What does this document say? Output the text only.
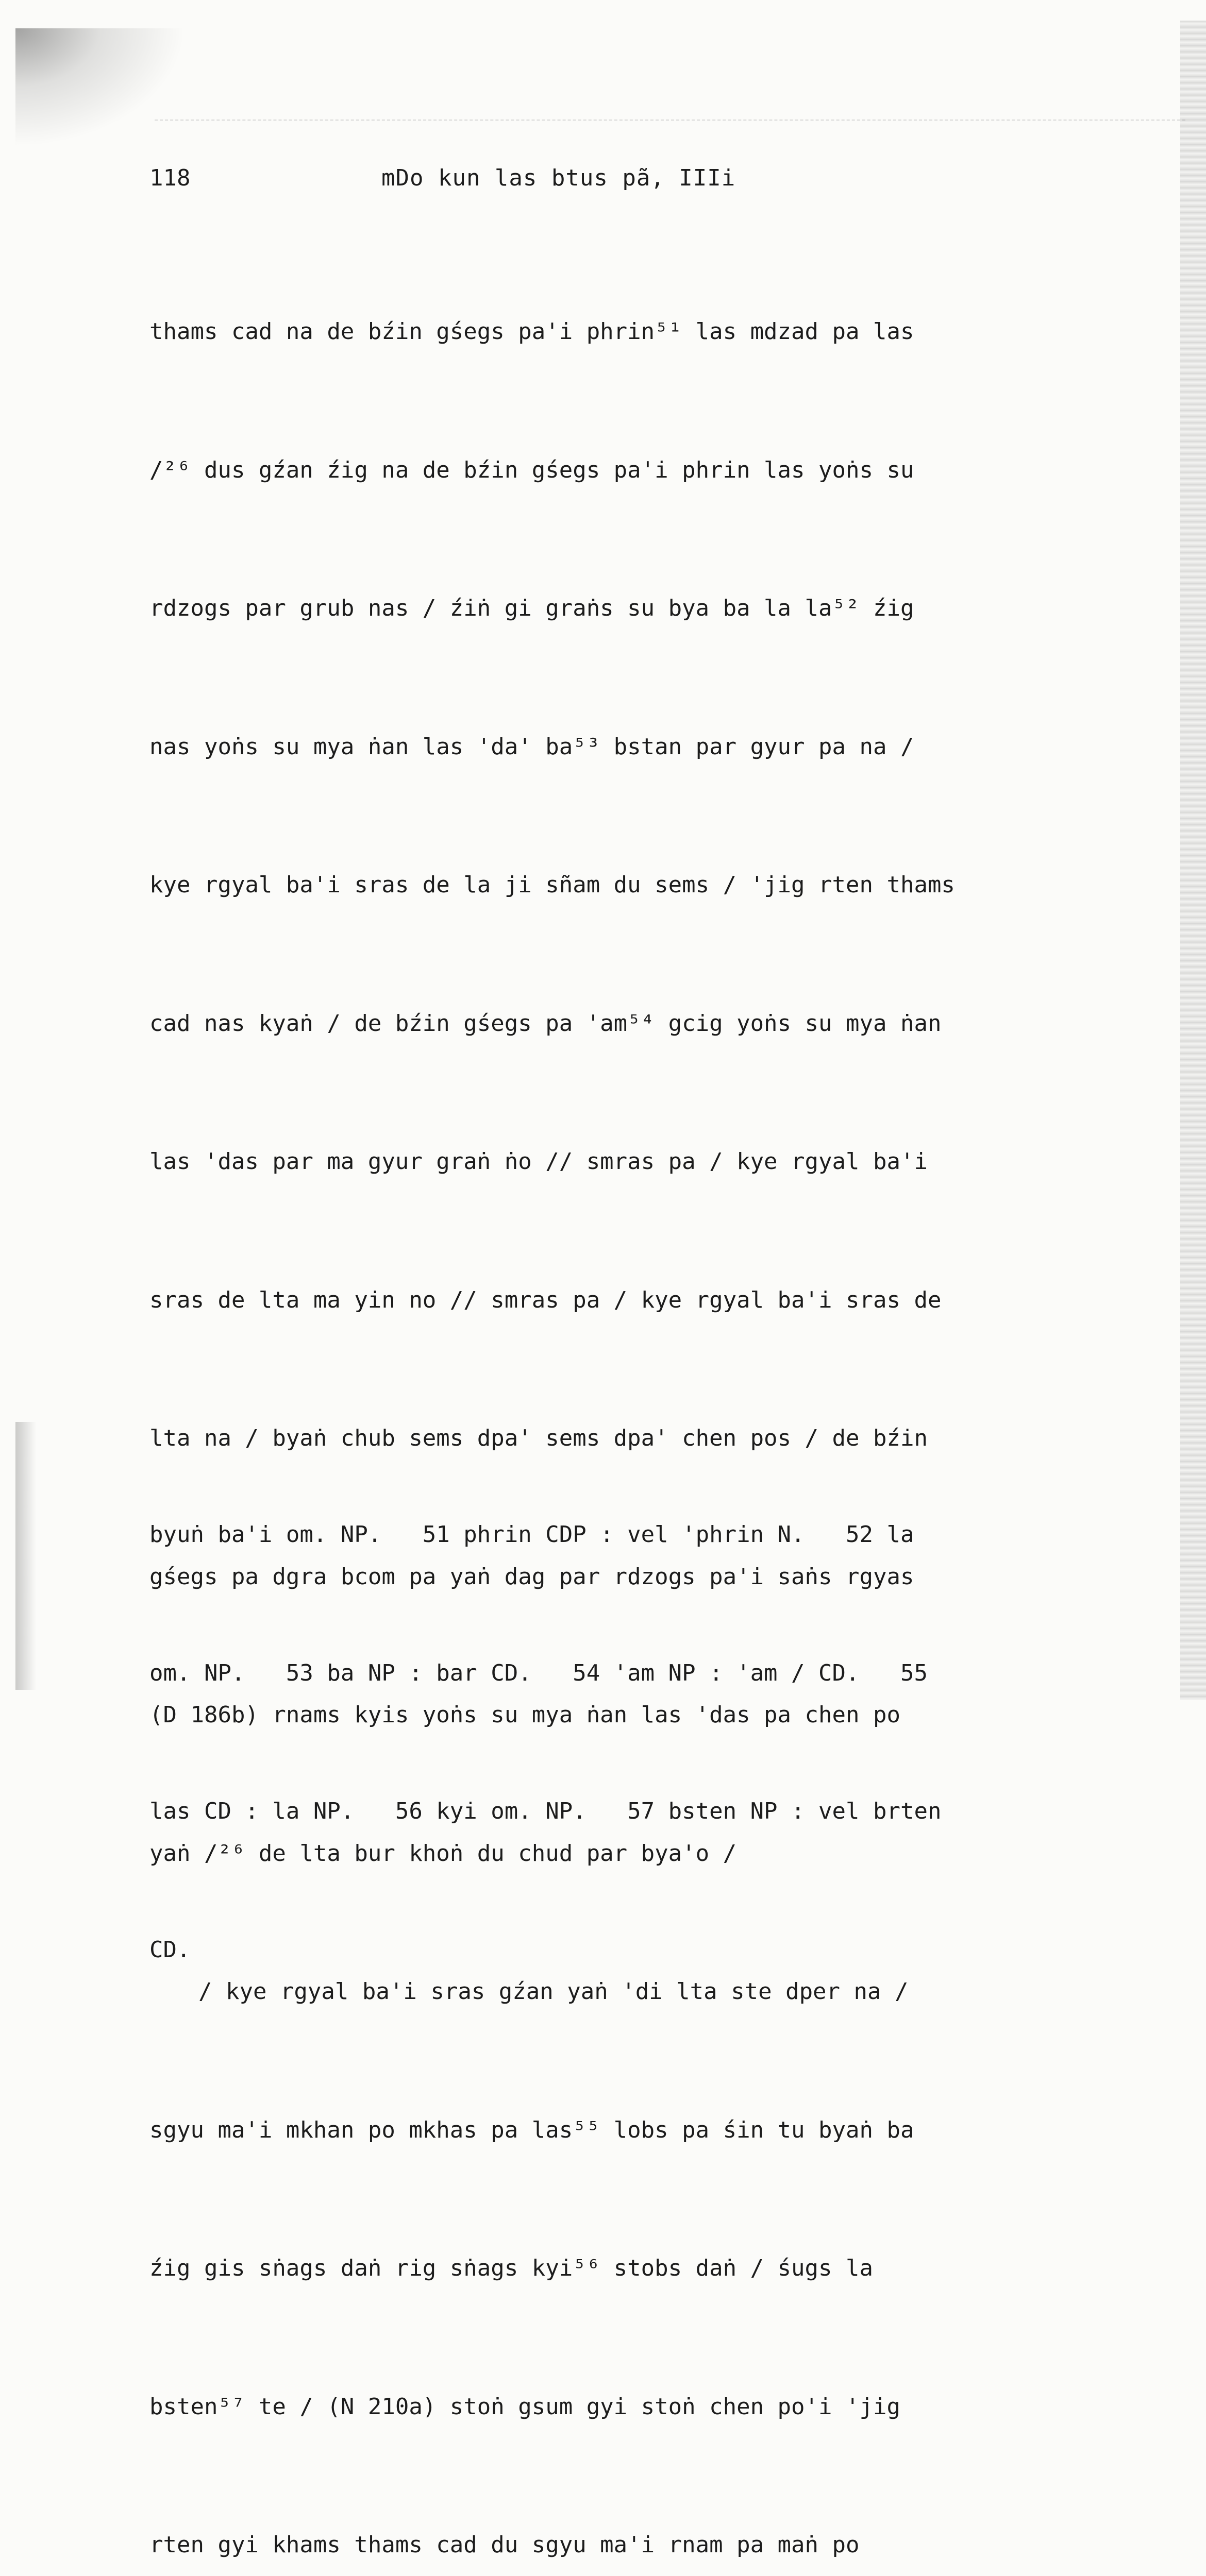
118	mDo kun las btus pã, IIIi

thams cad na de bźin gśegs pa'i phrin⁵¹ las mdzad pa las

/²⁶ dus gźan źig na de bźin gśegs pa'i phrin las yoṅs su

rdzogs par grub nas / źiṅ gi graṅs su bya ba la la⁵² źig

nas yoṅs su mya ṅan las 'da' ba⁵³ bstan par gyur pa na /

kye rgyal ba'i sras de la ji sñam du sems / 'jig rten thams

cad nas kyaṅ / de bźin gśegs pa 'am⁵⁴ gcig yoṅs su mya ṅan

las 'das par ma gyur graṅ ṅo // smras pa / kye rgyal ba'i

sras de lta ma yin no // smras pa / kye rgyal ba'i sras de

lta na / byaṅ chub sems dpa' sems dpa' chen pos / de bźin

gśegs pa dgra bcom pa yaṅ dag par rdzogs pa'i saṅs rgyas

(D 186b) rnams kyis yoṅs su mya ṅan las 'das pa chen po

yaṅ /²⁶ de lta bur khoṅ du chud par bya'o /

/ kye rgyal ba'i sras gźan yaṅ 'di lta ste dper na /

sgyu ma'i mkhan po mkhas pa las⁵⁵ lobs pa śin tu byaṅ ba

źig gis sṅags daṅ rig sṅags kyi⁵⁶ stobs daṅ / śugs la

bsten⁵⁷ te / (N 210a) stoṅ gsum gyi stoṅ chen po'i 'jig

rten gyi khams thams cad du sgyu ma'i rnam pa maṅ po

byuṅ ba'i om. NP.   51 phrin CDP : vel 'phrin N.   52 la

om. NP.   53 ba NP : bar CD.   54 'am NP : 'am / CD.   55

las CD : la NP.   56 kyi om. NP.   57 bsten NP : vel brten

CD.
